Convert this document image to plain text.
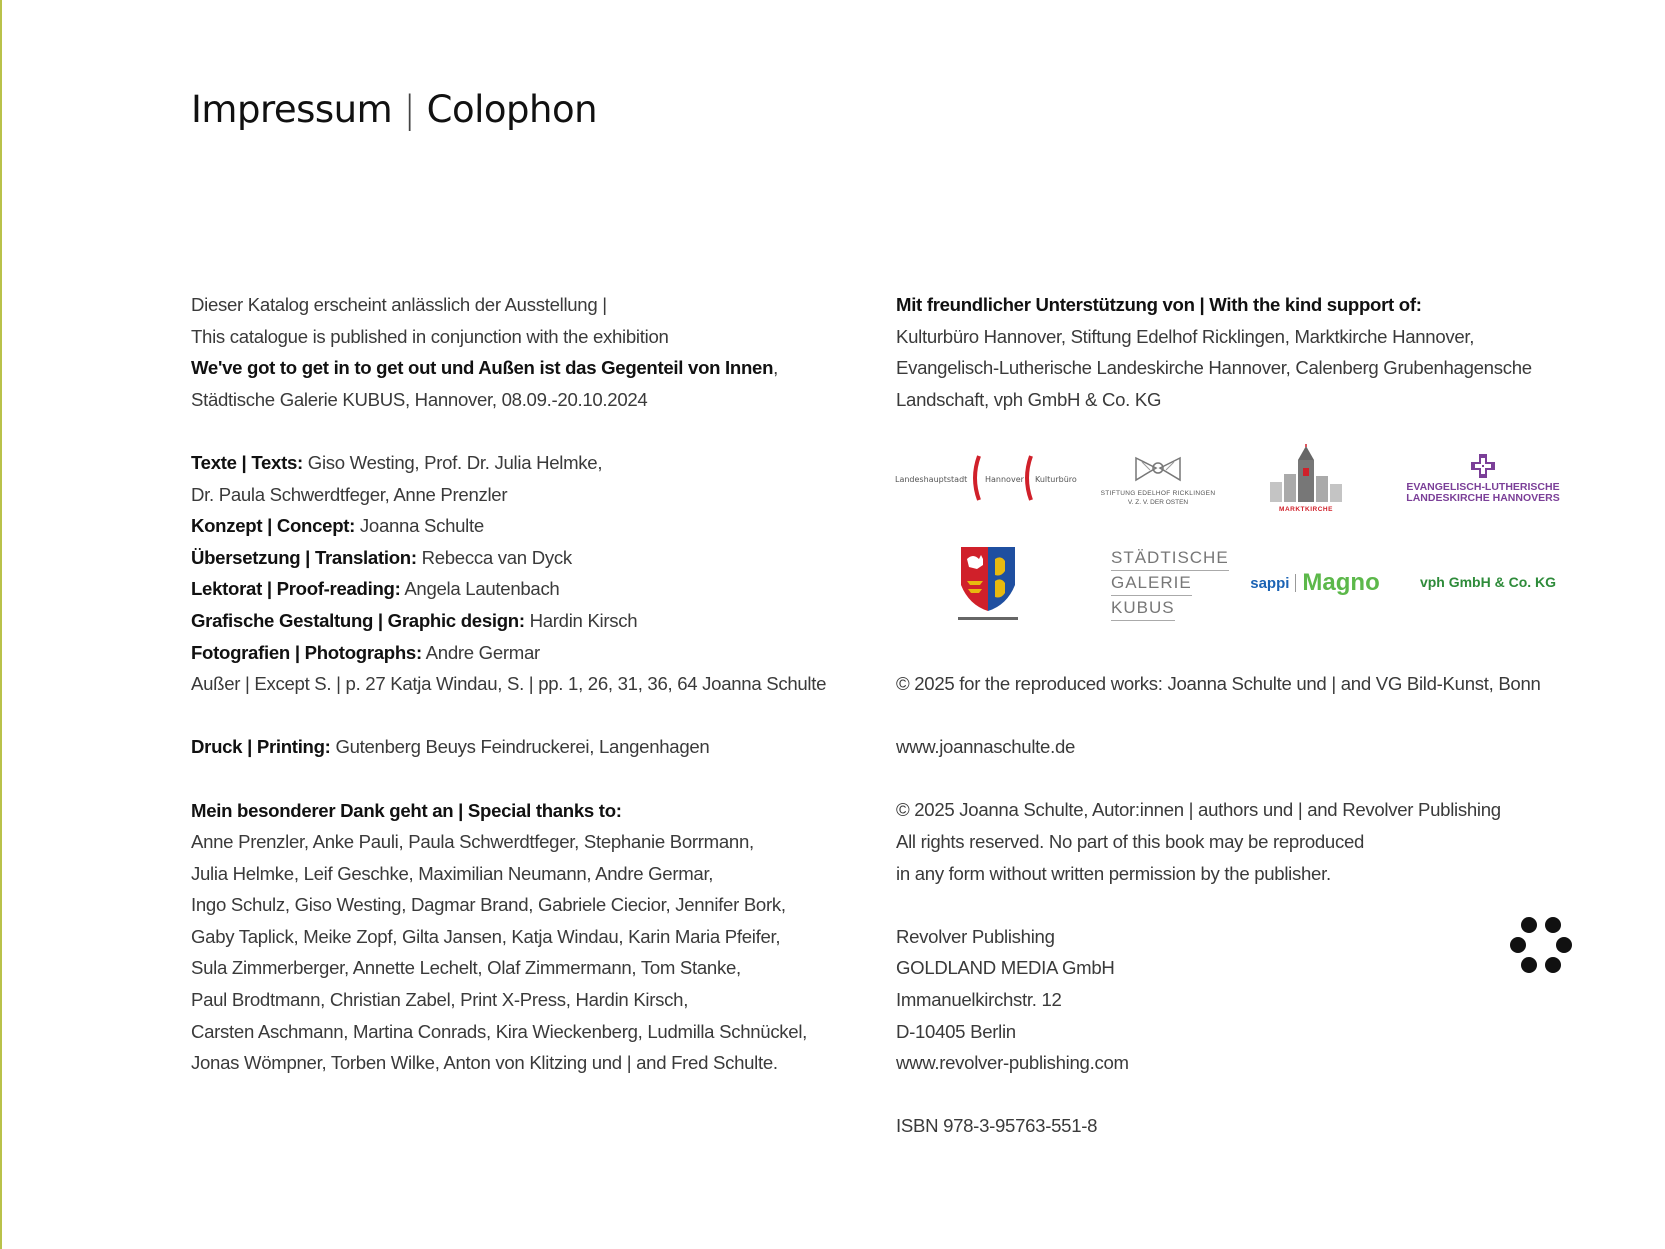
Impressum | Colophon
Dieser Katalog erscheint anlässlich der Ausstellung |
This catalogue is published in conjunction with the exhibition
We've got to get in to get out und Außen ist das Gegenteil von Innen,
Städtische Galerie KUBUS, Hannover, 08.09.-20.10.2024
Texte | Texts: Giso Westing, Prof. Dr. Julia Helmke,
Dr. Paula Schwerdtfeger, Anne Prenzler
Konzept | Concept: Joanna Schulte
Übersetzung | Translation: Rebecca van Dyck
Lektorat | Proof-reading: Angela Lautenbach
Grafische Gestaltung | Graphic design: Hardin Kirsch
Fotografien | Photographs: Andre Germar
Außer | Except S. | p. 27 Katja Windau, S. | pp. 1, 26, 31, 36, 64 Joanna Schulte
Druck | Printing: Gutenberg Beuys Feindruckerei, Langenhagen
Mein besonderer Dank geht an | Special thanks to:
Anne Prenzler, Anke Pauli, Paula Schwerdtfeger, Stephanie Borrmann,
Julia Helmke, Leif Geschke, Maximilian Neumann, Andre Germar,
Ingo Schulz, Giso Westing, Dagmar Brand, Gabriele Ciecior, Jennifer Bork,
Gaby Taplick, Meike Zopf, Gilta Jansen, Katja Windau, Karin Maria Pfeifer,
Sula Zimmerberger, Annette Lechelt, Olaf Zimmermann, Tom Stanke,
Paul Brodtmann, Christian Zabel, Print X-Press, Hardin Kirsch,
Carsten Aschmann, Martina Conrads, Kira Wieckenberg, Ludmilla Schnückel,
Jonas Wömpner, Torben Wilke, Anton von Klitzing und | and Fred Schulte.
Mit freundlicher Unterstützung von | With the kind support of:
Kulturbüro Hannover, Stiftung Edelhof Ricklingen, Marktkirche Hannover,
Evangelisch-Lutherische Landeskirche Hannover, Calenberg Grubenhagensche
Landschaft, vph GmbH & Co. KG
Landeshauptstadt Hannover Kulturbüro
STIFTUNG EDELHOF RICKLINGEN
V. Z. V. DER OSTEN
MARKTKIRCHE
EVANGELISCH-LUTHERISCHE
LANDESKIRCHE HANNOVERS
STÄDTISCHE
GALERIE
KUBUS
sappi Magno	vph GmbH & Co. KG
© 2025 for the reproduced works: Joanna Schulte und | and VG Bild-Kunst, Bonn
www.joannaschulte.de
© 2025 Joanna Schulte, Autor:innen | authors und | and Revolver Publishing
All rights reserved. No part of this book may be reproduced
in any form without written permission by the publisher.
Revolver Publishing
GOLDLAND MEDIA GmbH
Immanuelkirchstr. 12
D-10405 Berlin
www.revolver-publishing.com
ISBN 978-3-95763-551-8
